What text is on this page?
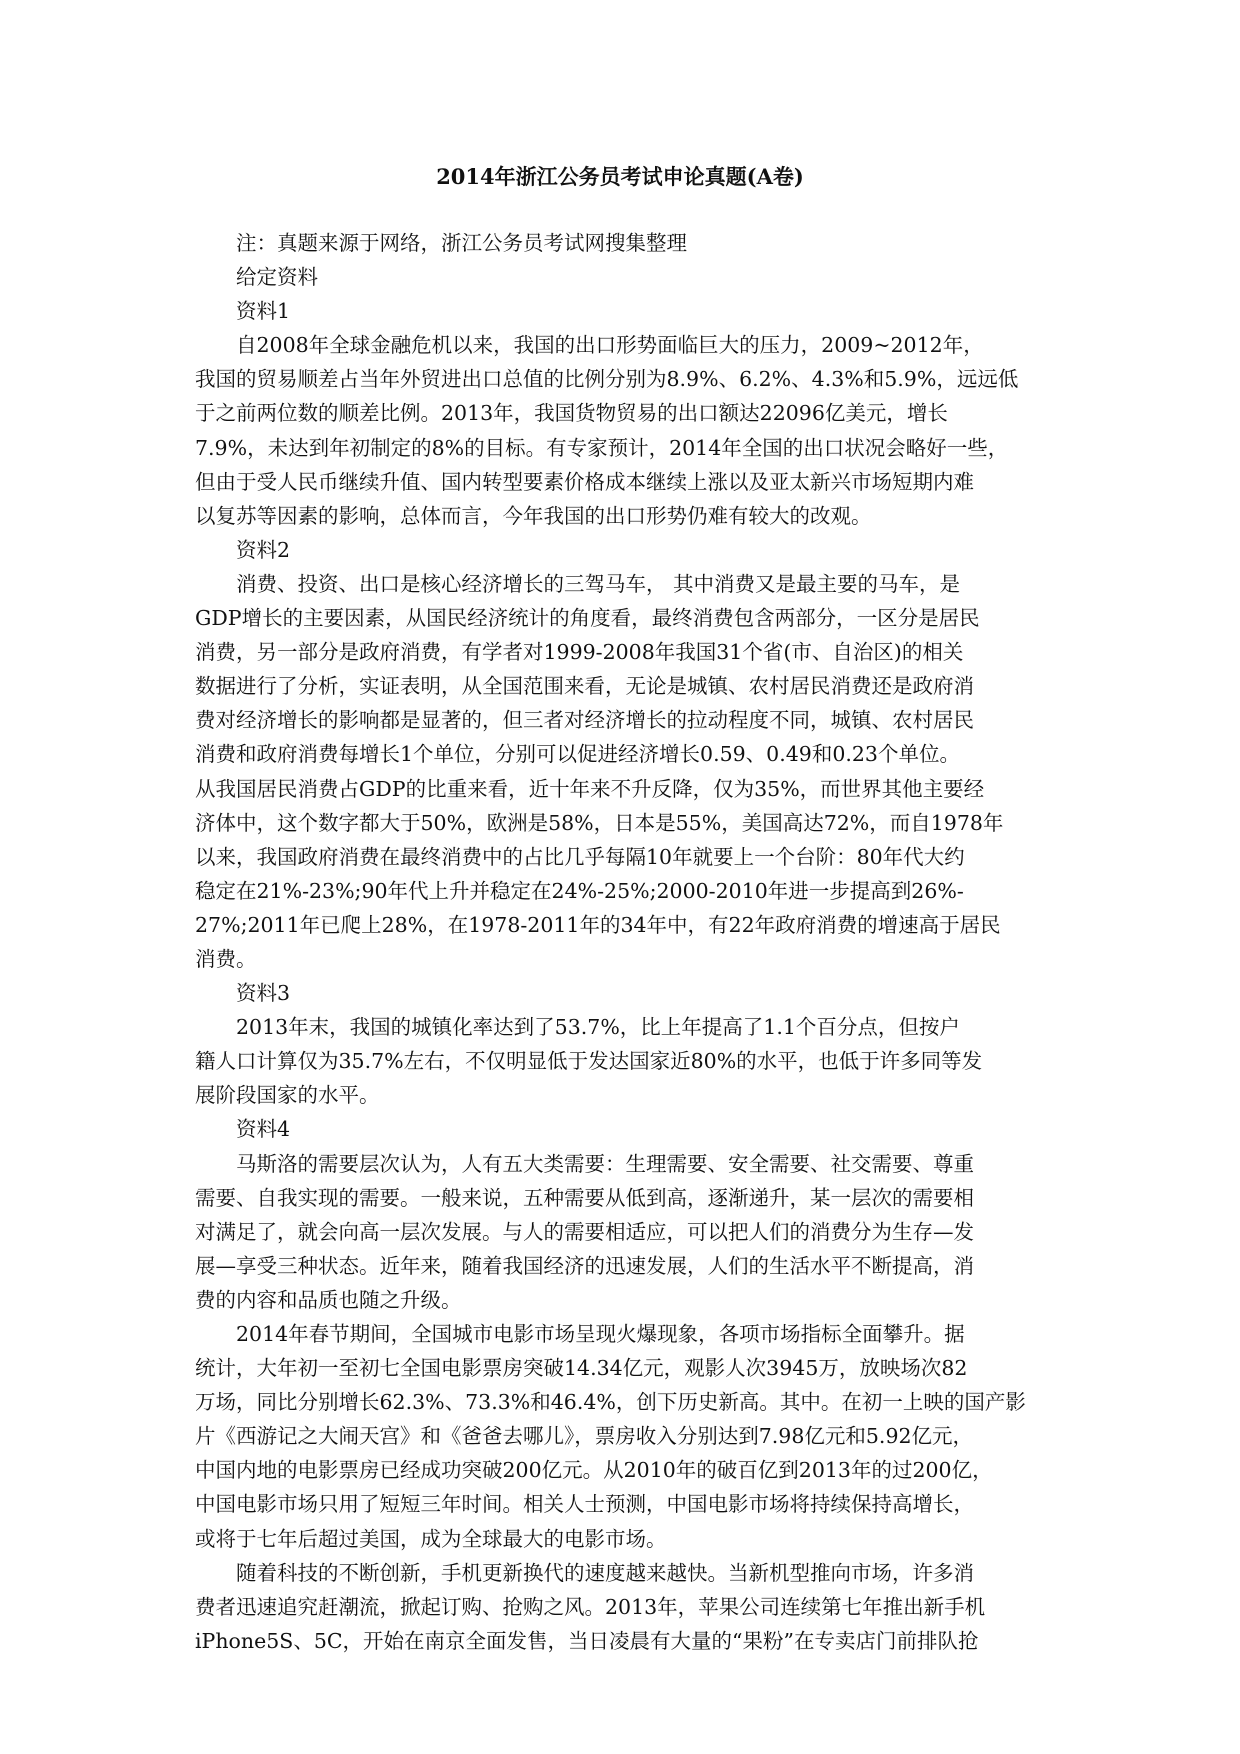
2014年浙江公务员考试申论真题(A卷)
注：真题来源于网络，浙江公务员考试网搜集整理
给定资料
资料1
自2008年全球金融危机以来，我国的出口形势面临巨大的压力，2009~2012年，
我国的贸易顺差占当年外贸进出口总值的比例分别为8.9%、6.2%、4.3%和5.9%，远远低
于之前两位数的顺差比例。2013年，我国货物贸易的出口额达22096亿美元，增长
7.9%，未达到年初制定的8%的目标。有专家预计，2014年全国的出口状况会略好一些，
但由于受人民币继续升值、国内转型要素价格成本继续上涨以及亚太新兴市场短期内难
以复苏等因素的影响，总体而言，今年我国的出口形势仍难有较大的改观。
资料2
消费、投资、出口是核心经济增长的三驾马车， 其中消费又是最主要的马车，是
GDP增长的主要因素，从国民经济统计的角度看，最终消费包含两部分，一区分是居民
消费，另一部分是政府消费，有学者对1999-2008年我国31个省(市、自治区)的相关
数据进行了分析，实证表明，从全国范围来看，无论是城镇、农村居民消费还是政府消
费对经济增长的影响都是显著的，但三者对经济增长的拉动程度不同，城镇、农村居民
消费和政府消费每增长1个单位，分别可以促进经济增长0.59、0.49和0.23个单位。
从我国居民消费占GDP的比重来看，近十年来不升反降，仅为35%，而世界其他主要经
济体中，这个数字都大于50%，欧洲是58%，日本是55%，美国高达72%，而自1978年
以来，我国政府消费在最终消费中的占比几乎每隔10年就要上一个台阶：80年代大约
稳定在21%-23%;90年代上升并稳定在24%-25%;2000-2010年进一步提高到26%-
27%;2011年已爬上28%，在1978-2011年的34年中，有22年政府消费的增速高于居民
消费。
资料3
2013年末，我国的城镇化率达到了53.7%，比上年提高了1.1个百分点，但按户
籍人口计算仅为35.7%左右，不仅明显低于发达国家近80%的水平，也低于许多同等发
展阶段国家的水平。
资料4
马斯洛的需要层次认为，人有五大类需要：生理需要、安全需要、社交需要、尊重
需要、自我实现的需要。一般来说，五种需要从低到高，逐渐递升，某一层次的需要相
对满足了，就会向高一层次发展。与人的需要相适应，可以把人们的消费分为生存—发
展—享受三种状态。近年来，随着我国经济的迅速发展，人们的生活水平不断提高，消
费的内容和品质也随之升级。
2014年春节期间，全国城市电影市场呈现火爆现象，各项市场指标全面攀升。据
统计，大年初一至初七全国电影票房突破14.34亿元，观影人次3945万，放映场次82
万场，同比分别增长62.3%、73.3%和46.4%，创下历史新高。其中。在初一上映的国产影
片《西游记之大闹天宫》和《爸爸去哪儿》，票房收入分别达到7.98亿元和5.92亿元，
中国内地的电影票房已经成功突破200亿元。从2010年的破百亿到2013年的过200亿，
中国电影市场只用了短短三年时间。相关人士预测，中国电影市场将持续保持高增长，
或将于七年后超过美国，成为全球最大的电影市场。
随着科技的不断创新，手机更新换代的速度越来越快。当新机型推向市场，许多消
费者迅速追究赶潮流，掀起订购、抢购之风。2013年，苹果公司连续第七年推出新手机
iPhone5S、5C，开始在南京全面发售，当日凌晨有大量的“果粉”在专卖店门前排队抢
